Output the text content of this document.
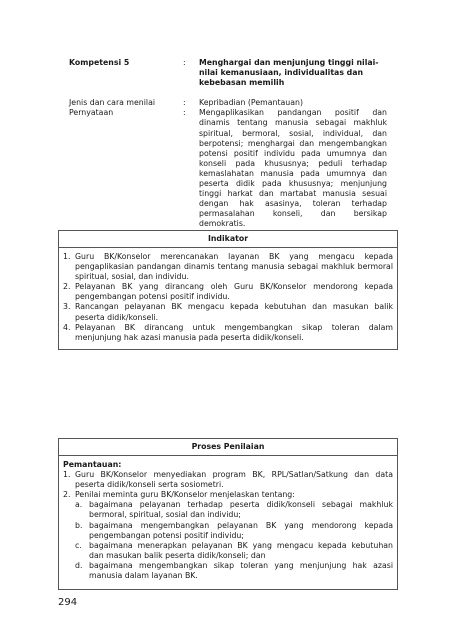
Kompetensi 5	:	Menghargai dan menjunjung tinggi nilai-nilai kemanusiaan, individualitas dan kebebasan memilih
Jenis dan cara menilai	:	Kepribadian (Pemantauan)
Pernyataan	:	Mengaplikasikan pandangan positif dan dinamis tentang manusia sebagai makhluk spiritual, bermoral, sosial, individual, dan berpotensi; menghargai dan mengembangkan potensi positif individu pada umumnya dan konseli pada khususnya; peduli terhadap kemaslahatan manusia pada umumnya dan peserta didik pada khususnya; menjunjung tinggi harkat dan martabat manusia sesuai dengan hak asasinya, toleran terhadap permasalahan konseli, dan bersikap demokratis.
Indikator
1. Guru BK/Konselor merencanakan layanan BK yang mengacu kepada pengaplikasian pandangan dinamis tentang manusia sebagai makhluk bermoral spiritual, sosial, dan individu.
2. Pelayanan BK yang dirancang oleh Guru BK/Konselor mendorong kepada pengembangan potensi positif individu.
3. Rancangan pelayanan BK mengacu kepada kebutuhan dan masukan balik peserta didik/konseli.
4. Pelayanan BK dirancang untuk mengembangkan sikap toleran dalam menjunjung hak azasi manusia pada peserta didik/konseli.
Proses Penilaian
Pemantauan:
1. Guru BK/Konselor menyediakan program BK, RPL/Satlan/Satkung dan data peserta didik/konseli serta sosiometri.
2. Penilai meminta guru BK/Konselor menjelaskan tentang:
a. bagaimana pelayanan terhadap peserta didik/konseli sebagai makhluk bermoral, spiritual, sosial dan individu;
b. bagaimana mengembangkan pelayanan BK yang mendorong kepada pengembangan potensi positif individu;
c. bagaimana menerapkan pelayanan BK yang mengacu kepada kebutuhan dan masukan balik peserta didik/konseli; dan
d. bagaimana mengembangkan sikap toleran yang menjunjung hak azasi manusia dalam layanan BK.
294
